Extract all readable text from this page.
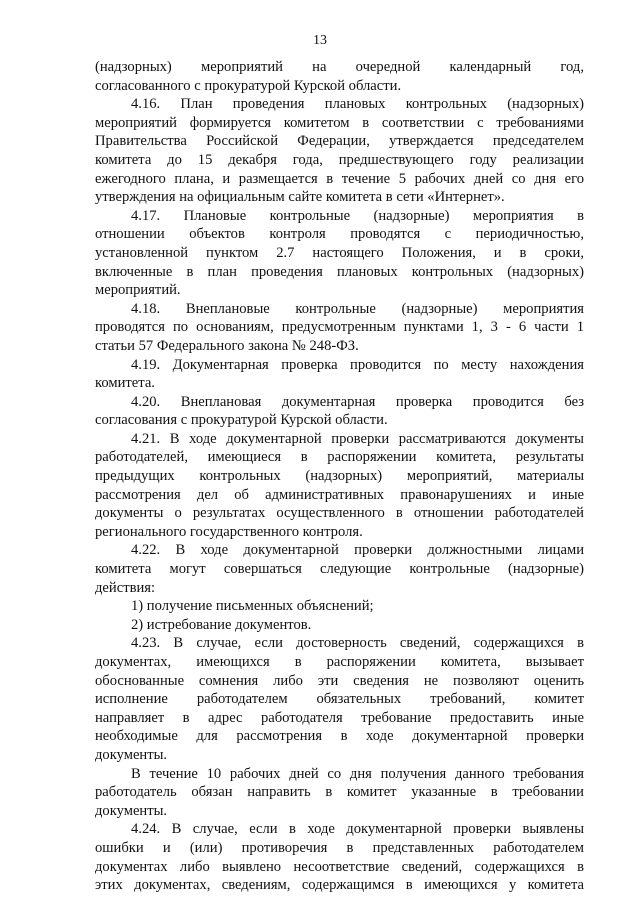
13
(надзорных) мероприятий на очередной календарный год,
согласованного с прокуратурой Курской области.
4.16. План проведения плановых контрольных (надзорных)
мероприятий формируется комитетом в соответствии с требованиями
Правительства Российской Федерации, утверждается председателем
комитета до 15 декабря года, предшествующего году реализации
ежегодного плана, и размещается в течение 5 рабочих дней со дня его
утверждения на официальным сайте комитета в сети «Интернет».
4.17. Плановые контрольные (надзорные) мероприятия в
отношении объектов контроля проводятся с периодичностью,
установленной пунктом 2.7 настоящего Положения, и в сроки,
включенные в план проведения плановых контрольных (надзорных)
мероприятий.
4.18. Внеплановые контрольные (надзорные) мероприятия
проводятся по основаниям, предусмотренным пунктами 1, 3 - 6 части 1
статьи 57 Федерального закона № 248-ФЗ.
4.19. Документарная проверка проводится по месту нахождения
комитета.
4.20. Внеплановая документарная проверка проводится без
согласования с прокуратурой Курской области.
4.21. В ходе документарной проверки рассматриваются документы
работодателей, имеющиеся в распоряжении комитета, результаты
предыдущих контрольных (надзорных) мероприятий, материалы
рассмотрения дел об административных правонарушениях и иные
документы о результатах осуществленного в отношении работодателей
регионального государственного контроля.
4.22. В ходе документарной проверки должностными лицами
комитета могут совершаться следующие контрольные (надзорные)
действия:
1) получение письменных объяснений;
2) истребование документов.
4.23. В случае, если достоверность сведений, содержащихся в
документах, имеющихся в распоряжении комитета, вызывает
обоснованные сомнения либо эти сведения не позволяют оценить
исполнение работодателем обязательных требований, комитет
направляет в адрес работодателя требование предоставить иные
необходимые для рассмотрения в ходе документарной проверки
документы.
В течение 10 рабочих дней со дня получения данного требования
работодатель обязан направить в комитет указанные в требовании
документы.
4.24. В случае, если в ходе документарной проверки выявлены
ошибки и (или) противоречия в представленных работодателем
документах либо выявлено несоответствие сведений, содержащихся в
этих документах, сведениям, содержащимся в имеющихся у комитета
